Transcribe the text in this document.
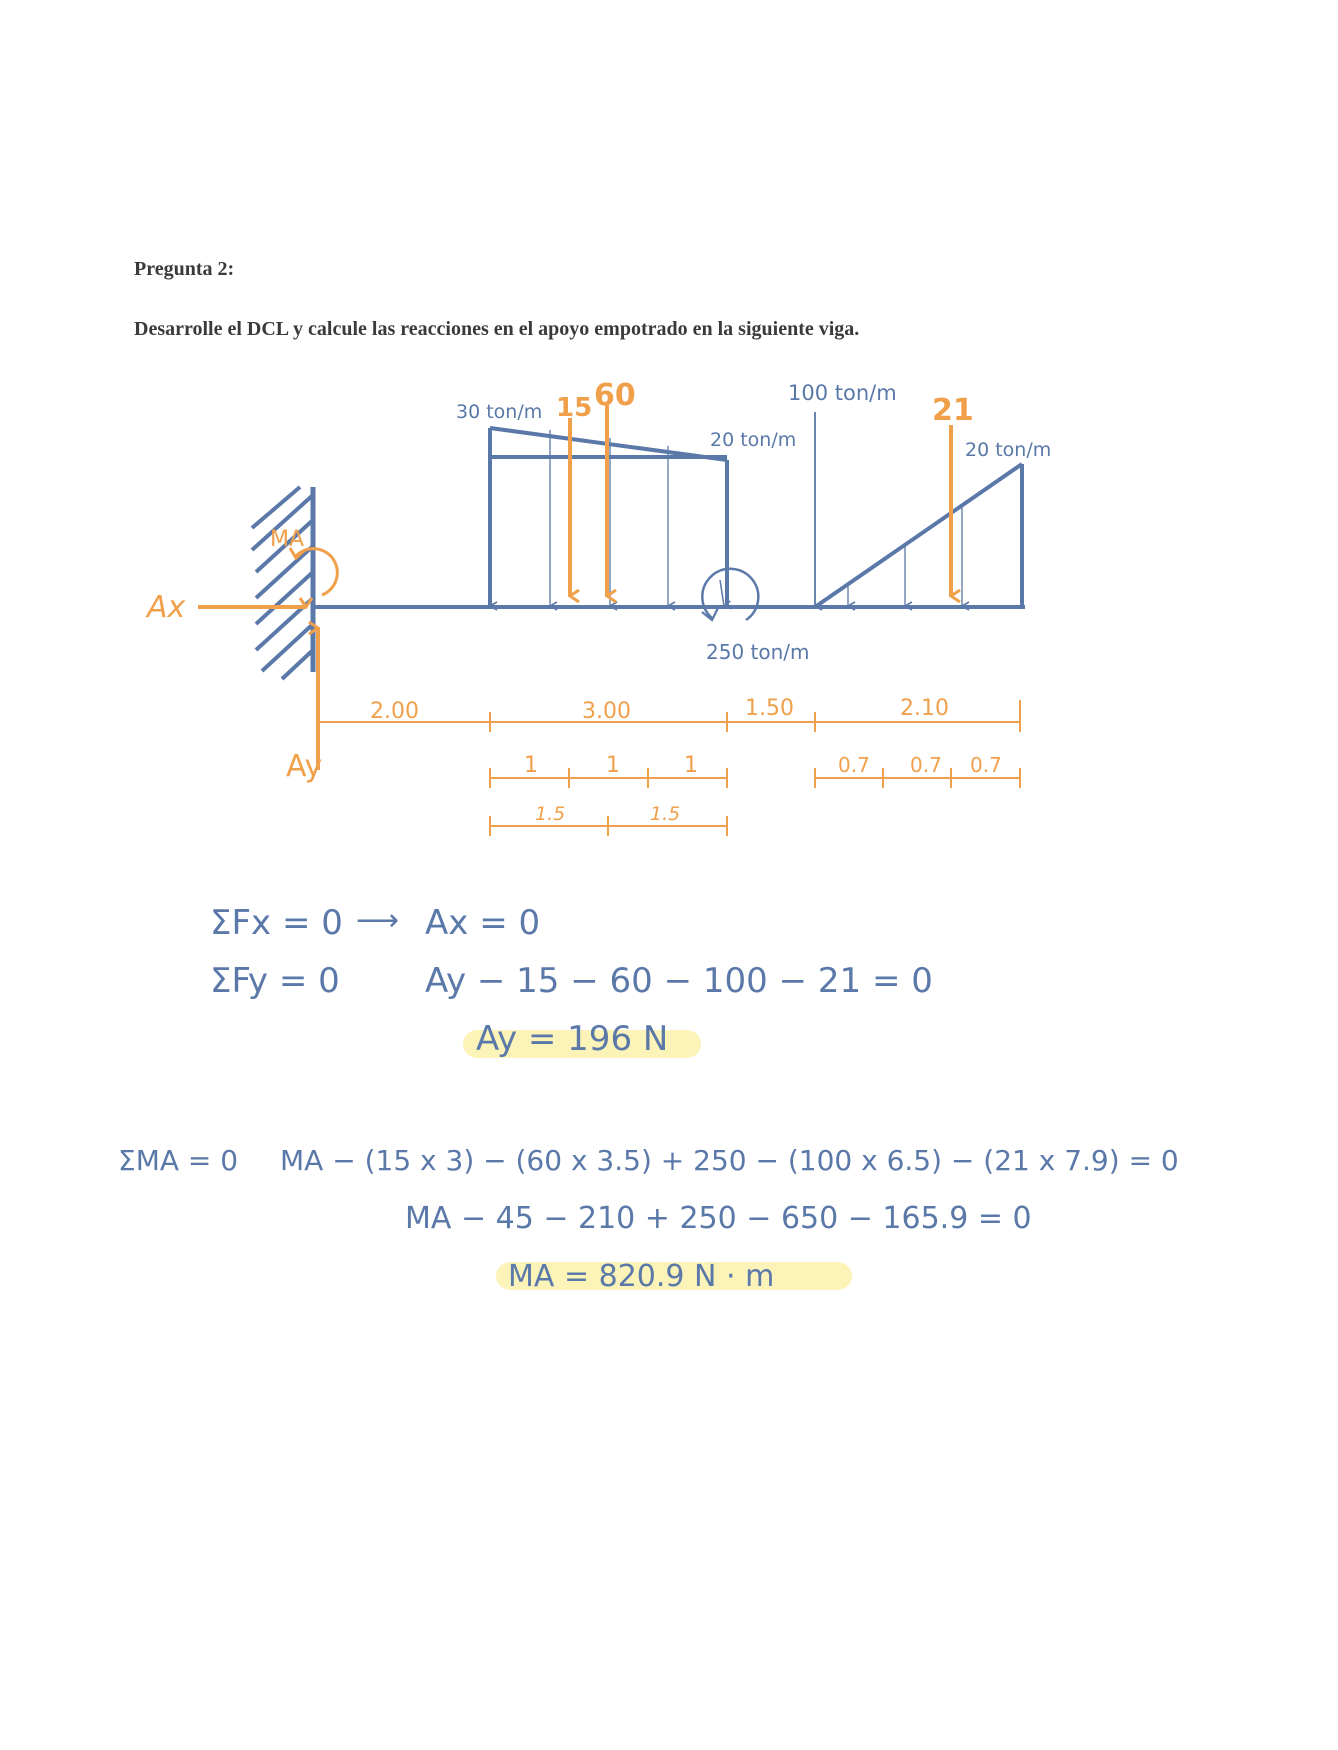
Pregunta 2:
Desarrolle el DCL y calcule las reacciones en el apoyo empotrado en la siguiente viga.
MA
Ax
Ay
30 ton/m 15 60
20 ton/m
100 ton/m 21
20 ton/m
250 ton/m
2.00	3.00	1.50	2.10
1	1	1
1.5	1.5
0.7 0.7 0.7
ΣFx = 0 ⟶ Ax = 0
ΣFy = 0	Ay − 15 − 60 − 100 − 21 = 0
Ay = 196 N
ΣMA = 0 MA − (15 x 3) − (60 x 3.5) + 250 − (100 x 6.5) − (21 x 7.9) = 0
MA − 45 − 210 + 250 − 650 − 165.9 = 0
MA = 820.9 N · m
